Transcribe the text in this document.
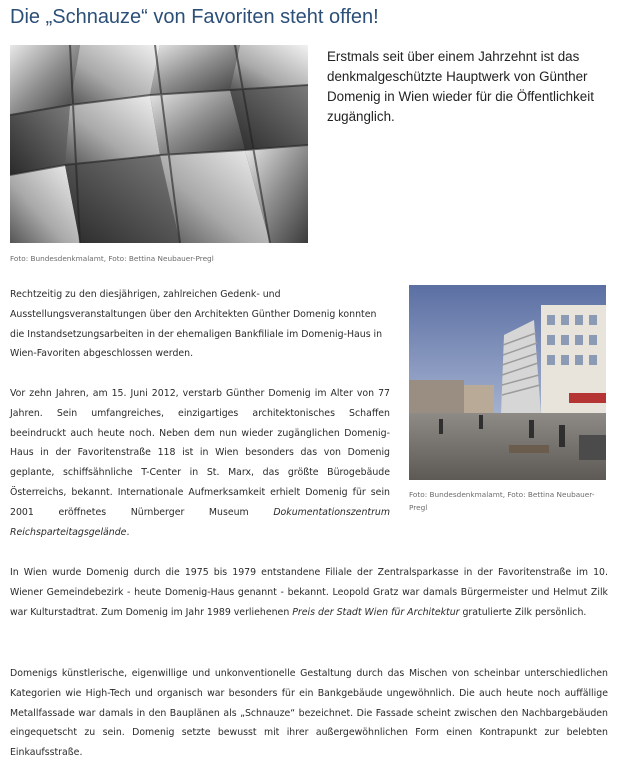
Die „Schnauze“ von Favoriten steht offen!
Erstmals seit über einem Jahrzehnt ist das denkmalgeschützte Hauptwerk von Günther Domenig in Wien wieder für die Öffentlichkeit zugänglich.
Foto: Bundesdenkmalamt, Foto: Bettina Neubauer-Pregl

Rechtzeitig zu den diesjährigen, zahlreichen Gedenk- und Ausstellungsveranstaltungen über den Architekten Günther Domenig konnten die Instandsetzungsarbeiten in der ehemaligen Bankfiliale im Domenig-Haus in Wien-Favoriten abgeschlossen werden.

Foto: Bundesdenkmalamt, Foto: Bettina Neubauer-Pregl

Vor zehn Jahren, am 15. Juni 2012, verstarb Günther Domenig im Alter von 77 Jahren. Sein umfangreiches, einzigartiges architektonisches Schaffen beeindruckt auch heute noch. Neben dem nun wieder zugänglichen Domenig-Haus in der Favoritenstraße 118 ist in Wien besonders das von Domenig geplante, schiffsähnliche T-Center in St. Marx, das größte Bürogebäude Österreichs, bekannt. Internationale Aufmerksamkeit erhielt Domenig für sein 2001 eröffnetes Nürnberger Museum	Dokumentationszentrum Reichsparteitagsgelände.

In Wien wurde Domenig durch die 1975 bis 1979 entstandene Filiale der Zentralsparkasse in der Favoritenstraße im 10. Wiener Gemeindebezirk - heute Domenig-Haus genannt - bekannt. Leopold Gratz war damals Bürgermeister und Helmut Zilk war Kulturstadtrat. Zum Domenig im Jahr 1989 verliehenen Preis der Stadt Wien für Architektur gratulierte Zilk persönlich.

Domenigs künstlerische, eigenwillige und unkonventionelle Gestaltung durch das Mischen von scheinbar unterschiedlichen Kategorien wie High-Tech und organisch war besonders für ein Bankgebäude ungewöhnlich. Die auch heute noch auffällige Metallfassade war damals in den Bauplänen als „Schnauze“ bezeichnet. Die Fassade scheint zwischen den Nachbargebäuden eingequetscht zu sein. Domenig setzte bewusst mit ihrer außergewöhnlichen Form einen Kontrapunkt zur belebten Einkaufsstraße.
